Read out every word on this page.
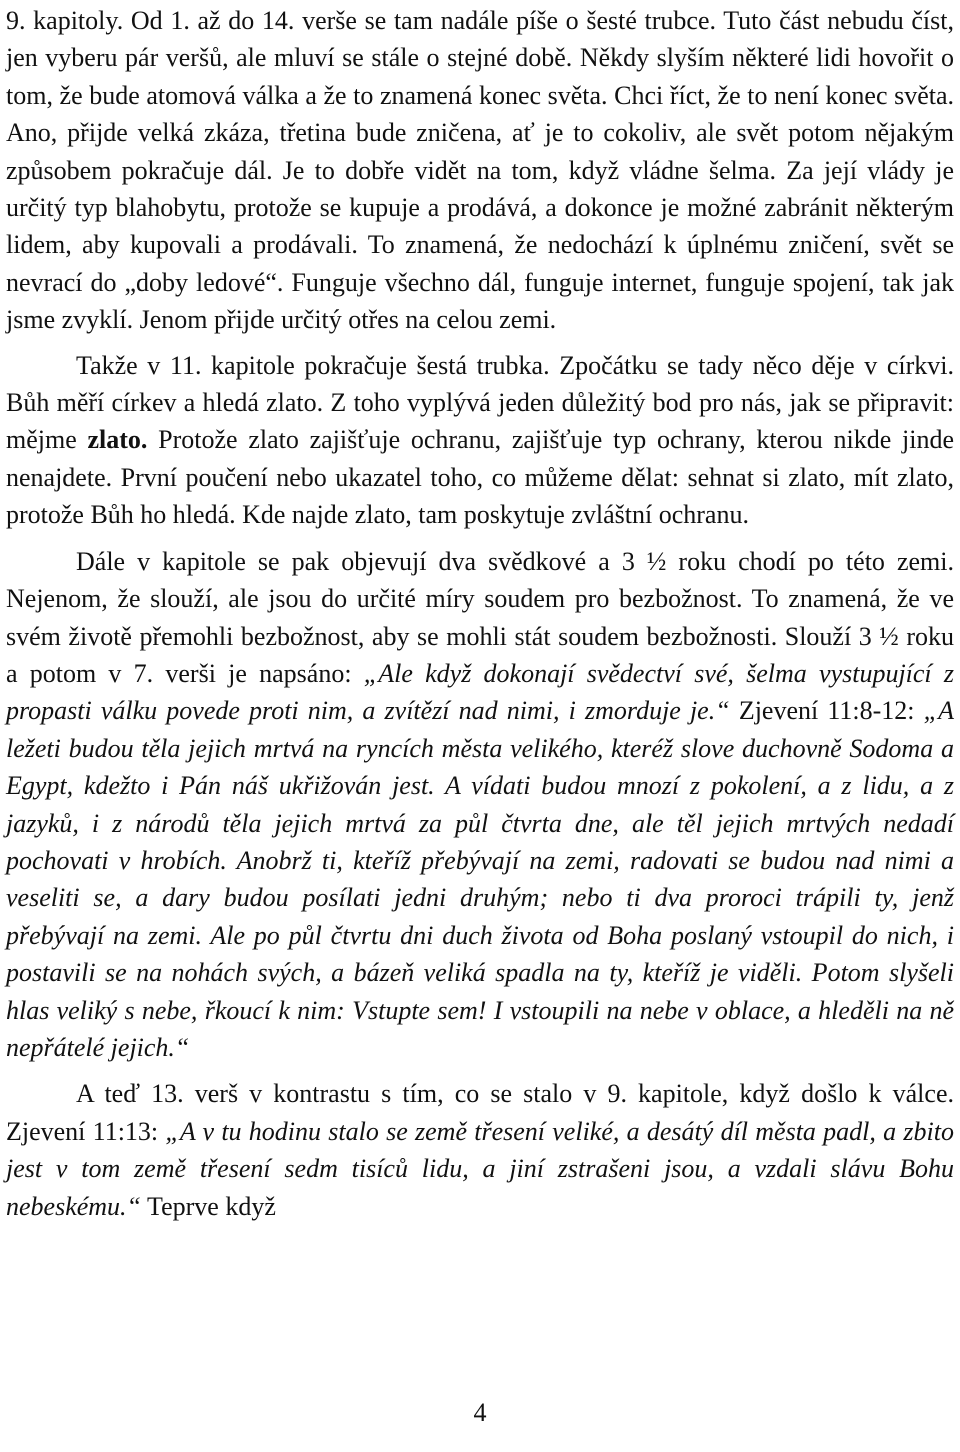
9. kapitoly. Od 1. až do 14. verše se tam nadále píše o šesté trubce. Tuto část nebudu číst, jen vyberu pár veršů, ale mluví se stále o stejné době. Někdy slyším některé lidi hovořit o tom, že bude atomová válka a že to znamená konec světa. Chci říct, že to není konec světa. Ano, přijde velká zkáza, třetina bude zničena, ať je to cokoliv, ale svět potom nějakým způsobem pokračuje dál. Je to dobře vidět na tom, když vládne šelma. Za její vlády je určitý typ blahobytu, protože se kupuje a prodává, a dokonce je možné zabránit některým lidem, aby kupovali a prodávali. To znamená, že nedochází k úplnému zničení, svět se nevrací do „doby ledové“. Funguje všechno dál, funguje internet, funguje spojení, tak jak jsme zvyklí. Jenom přijde určitý otřes na celou zemi.

Takže v 11. kapitole pokračuje šestá trubka. Zpočátku se tady něco děje v církvi. Bůh měří církev a hledá zlato. Z toho vyplývá jeden důležitý bod pro nás, jak se připravit: mějme zlato. Protože zlato zajišťuje ochranu, zajišťuje typ ochrany, kterou nikde jinde nenajdete. První poučení nebo ukazatel toho, co můžeme dělat: sehnat si zlato, mít zlato, protože Bůh ho hledá. Kde najde zlato, tam poskytuje zvláštní ochranu.

Dále v kapitole se pak objevují dva svědkové a 3 ½ roku chodí po této zemi. Nejenom, že slouží, ale jsou do určité míry soudem pro bezbožnost. To znamená, že ve svém životě přemohli bezbožnost, aby se mohli stát soudem bezbožnosti. Slouží 3 ½ roku a potom v 7. verši je napsáno: „Ale když dokonají svědectví své, šelma vystupující z propasti válku povede proti nim, a zvítězí nad nimi, i zmorduje je.“ Zjevení 11:8-12: „A ležeti budou těla jejich mrtvá na ryncích města velikého, kteréž slove duchovně Sodoma a Egypt, kdežto i Pán náš ukřižován jest. A vídati budou mnozí z pokolení, a z lidu, a z jazyků, i z národů těla jejich mrtvá za půl čtvrta dne, ale těl jejich mrtvých nedadí pochovati v hrobích. Anobrž ti, kteříž přebývají na zemi, radovati se budou nad nimi a veseliti se, a dary budou posílati jedni druhým; nebo ti dva proroci trápili ty, jenž přebývají na zemi. Ale po půl čtvrtu dni duch života od Boha poslaný vstoupil do nich, i postavili se na nohách svých, a bázeň veliká spadla na ty, kteříž je viděli. Potom slyšeli hlas veliký s nebe, řkoucí k nim: Vstupte sem! I vstoupili na nebe v oblace, a hleděli na ně nepřátelé jejich.“

A teď 13. verš v kontrastu s tím, co se stalo v 9. kapitole, když došlo k válce. Zjevení 11:13: „A v tu hodinu stalo se země třesení veliké, a desátý díl města padl, a zbito jest v tom země třesení sedm tisíců lidu, a jiní zstrašeni jsou, a vzdali slávu Bohu nebeskému.“ Teprve když

4
